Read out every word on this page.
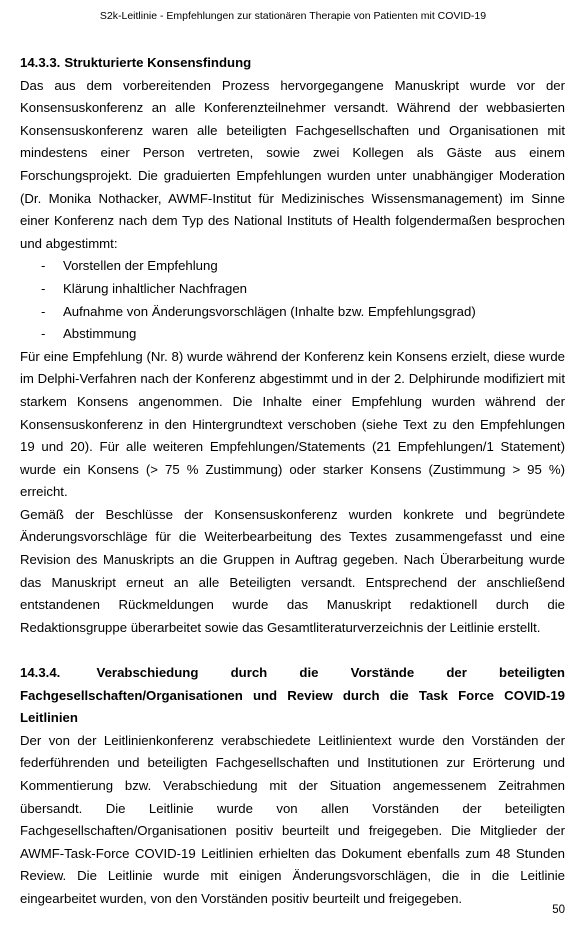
S2k-Leitlinie - Empfehlungen zur stationären Therapie von Patienten mit COVID-19
14.3.3. Strukturierte Konsensfindung

Das aus dem vorbereitenden Prozess hervorgegangene Manuskript wurde vor der Konsensuskonferenz an alle Konferenzteilnehmer versandt. Während der webbasierten Konsensuskonferenz waren alle beteiligten Fachgesellschaften und Organisationen mit mindestens einer Person vertreten, sowie zwei Kollegen als Gäste aus einem Forschungsprojekt. Die graduierten Empfehlungen wurden unter unabhängiger Moderation (Dr. Monika Nothacker, AWMF-Institut für Medizinisches Wissensmanagement) im Sinne einer Konferenz nach dem Typ des National Instituts of Health folgendermaßen besprochen und abgestimmt:

- Vorstellen der Empfehlung
- Klärung inhaltlicher Nachfragen
- Aufnahme von Änderungsvorschlägen (Inhalte bzw. Empfehlungsgrad)
- Abstimmung

Für eine Empfehlung (Nr. 8) wurde während der Konferenz kein Konsens erzielt, diese wurde im Delphi-Verfahren nach der Konferenz abgestimmt und in der 2. Delphirunde modifiziert mit starkem Konsens angenommen. Die Inhalte einer Empfehlung wurden während der Konsensuskonferenz in den Hintergrundtext verschoben (siehe Text zu den Empfehlungen 19 und 20). Für alle weiteren Empfehlungen/Statements (21 Empfehlungen/1 Statement) wurde ein Konsens (> 75 % Zustimmung) oder starker Konsens (Zustimmung > 95 %) erreicht.

Gemäß der Beschlüsse der Konsensuskonferenz wurden konkrete und begründete Änderungsvorschläge für die Weiterbearbeitung des Textes zusammengefasst und eine Revision des Manuskripts an die Gruppen in Auftrag gegeben. Nach Überarbeitung wurde das Manuskript erneut an alle Beteiligten versandt. Entsprechend der anschließend entstandenen Rückmeldungen wurde das Manuskript redaktionell durch die Redaktionsgruppe überarbeitet sowie das Gesamtliteraturverzeichnis der Leitlinie erstellt.

14.3.4.	Verabschiedung durch die Vorstände der beteiligten
Fachgesellschaften/Organisationen und Review durch die Task Force COVID-19
Leitlinien

Der von der Leitlinienkonferenz verabschiedete Leitlinientext wurde den Vorständen der federführenden und beteiligten Fachgesellschaften und Institutionen zur Erörterung und Kommentierung bzw. Verabschiedung mit der Situation angemessenem Zeitrahmen übersandt. Die Leitlinie wurde von allen Vorständen der beteiligten Fachgesellschaften/Organisationen positiv beurteilt und freigegeben. Die Mitglieder der AWMF-Task-Force COVID-19 Leitlinien erhielten das Dokument ebenfalls zum 48 Stunden Review. Die Leitlinie wurde mit einigen Änderungsvorschlägen, die in die Leitlinie eingearbeitet wurden, von den Vorständen positiv beurteilt und freigegeben.

50
